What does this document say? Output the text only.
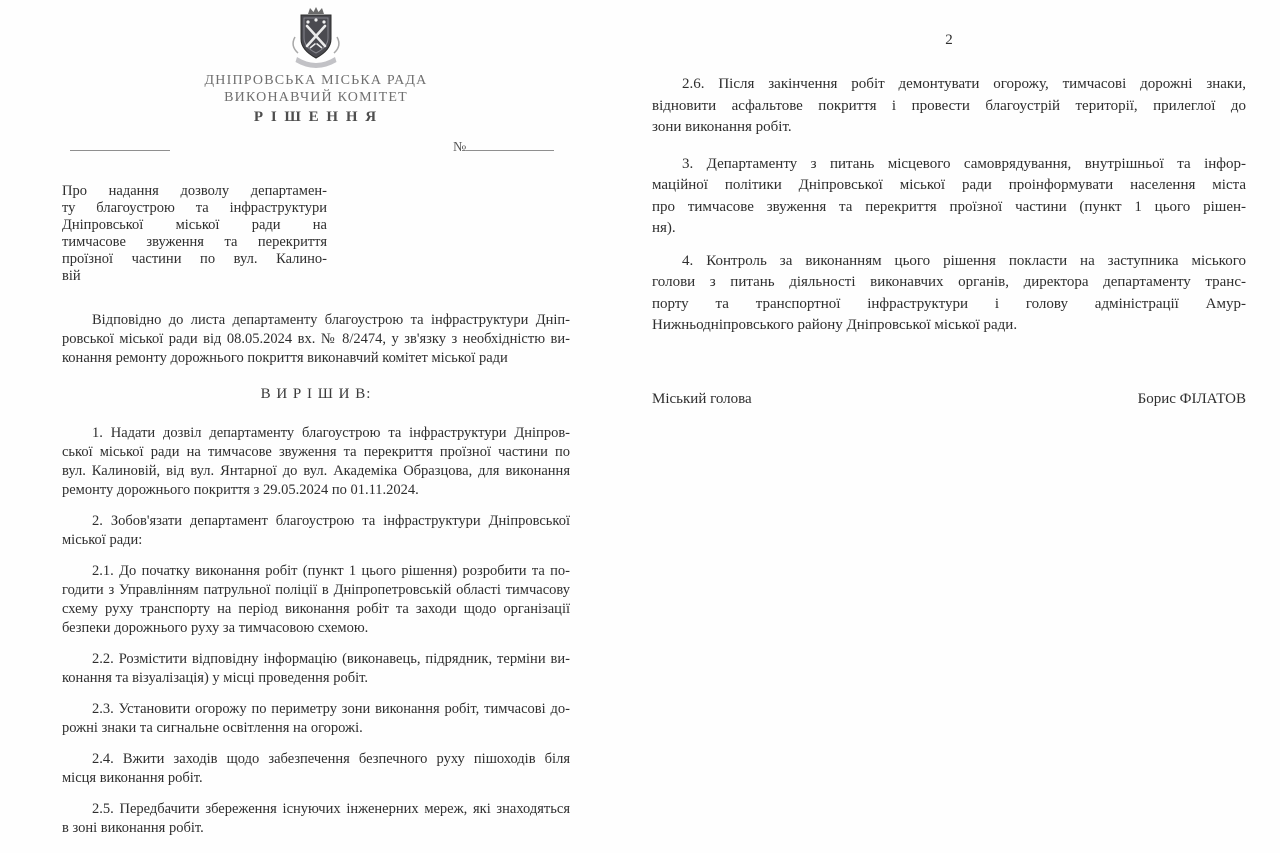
ДНІПРОВСЬКА МІСЬКА РАДА
ВИКОНАВЧИЙ КОМІТЕТ
Р І Ш Е Н Н Я
№
Про надання дозволу департамен-
ту благоустрою та інфраструктури
Дніпровської міської ради на
тимчасове звуження та перекриття
проїзної частини по вул. Калино-
вій
Відповідно до листа департаменту благоустрою та інфраструктури Дніп-
ровської міської ради від 08.05.2024 вх. № 8/2474, у зв'язку з необхідністю ви-
конання ремонту дорожнього покриття виконавчий комітет міської ради
В И Р І Ш И В:
1. Надати дозвіл департаменту благоустрою та інфраструктури Дніпров-
ської міської ради на тимчасове звуження та перекриття проїзної частини по
вул. Калиновій, від вул. Янтарної до вул. Академіка Образцова, для виконання
ремонту дорожнього покриття з 29.05.2024 по 01.11.2024.
2. Зобов'язати департамент благоустрою та інфраструктури Дніпровської
міської ради:
2.1. До початку виконання робіт (пункт 1 цього рішення) розробити та по-
годити з Управлінням патрульної поліції в Дніпропетровській області тимчасову
схему руху транспорту на період виконання робіт та заходи щодо організації
безпеки дорожнього руху за тимчасовою схемою.
2.2. Розмістити відповідну інформацію (виконавець, підрядник, терміни ви-
конання та візуалізація) у місці проведення робіт.
2.3. Установити огорожу по периметру зони виконання робіт, тимчасові до-
рожні знаки та сигнальне освітлення на огорожі.
2.4. Вжити заходів щодо забезпечення безпечного руху пішоходів біля
місця виконання робіт.
2.5. Передбачити збереження існуючих інженерних мереж, які знаходяться
в зоні виконання робіт.
2
2.6. Після закінчення робіт демонтувати огорожу, тимчасові дорожні знаки,
відновити асфальтове покриття і провести благоустрій території, прилеглої до
зони виконання робіт.
3. Департаменту з питань місцевого самоврядування, внутрішньої та інфор-
маційної політики Дніпровської міської ради проінформувати населення міста
про тимчасове звуження та перекриття проїзної частини (пункт 1 цього рішен-
ня).
4. Контроль за виконанням цього рішення покласти на заступника міського
голови з питань діяльності виконавчих органів, директора департаменту транс-
порту та транспортної інфраструктури і голову адміністрації Амур-
Нижньодніпровського району Дніпровської міської ради.
Міський голова	Борис ФІЛАТОВ
